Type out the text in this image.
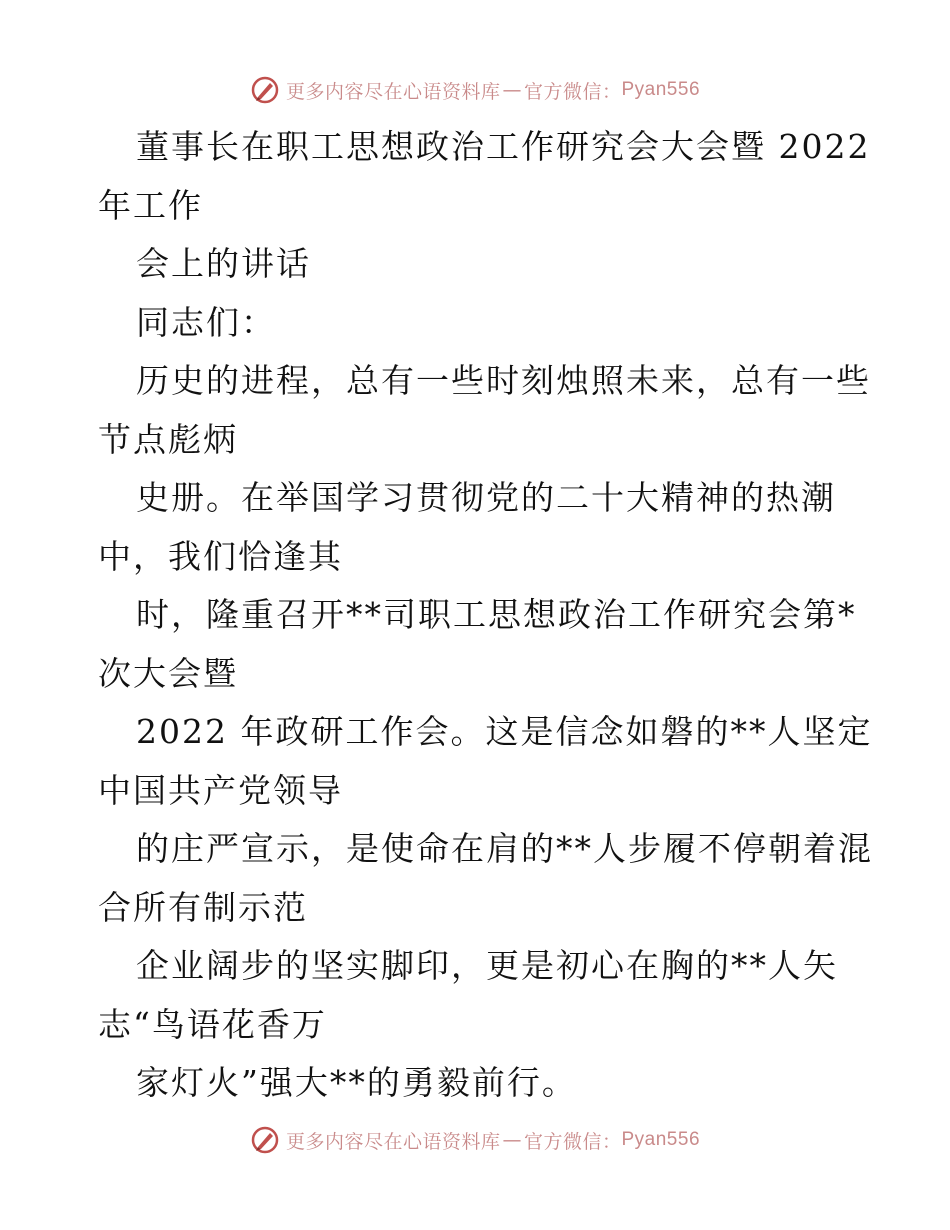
更多内容尽在心语资料库 — 官方微信： Pyan556
董事长在职工思想政治工作研究会大会暨 2022
年工作
会上的讲话
同志们：
历史的进程，总有一些时刻烛照未来，总有一些
节点彪炳
史册。在举国学习贯彻党的二十大精神的热潮
中，我们恰逢其
时，隆重召开**司职工思想政治工作研究会第*
次大会暨
2022 年政研工作会。这是信念如磐的**人坚定
中国共产党领导
的庄严宣示，是使命在肩的**人步履不停朝着混
合所有制示范
企业阔步的坚实脚印，更是初心在胸的**人矢
志“鸟语花香万
家灯火”强大**的勇毅前行。
更多内容尽在心语资料库 — 官方微信： Pyan556
